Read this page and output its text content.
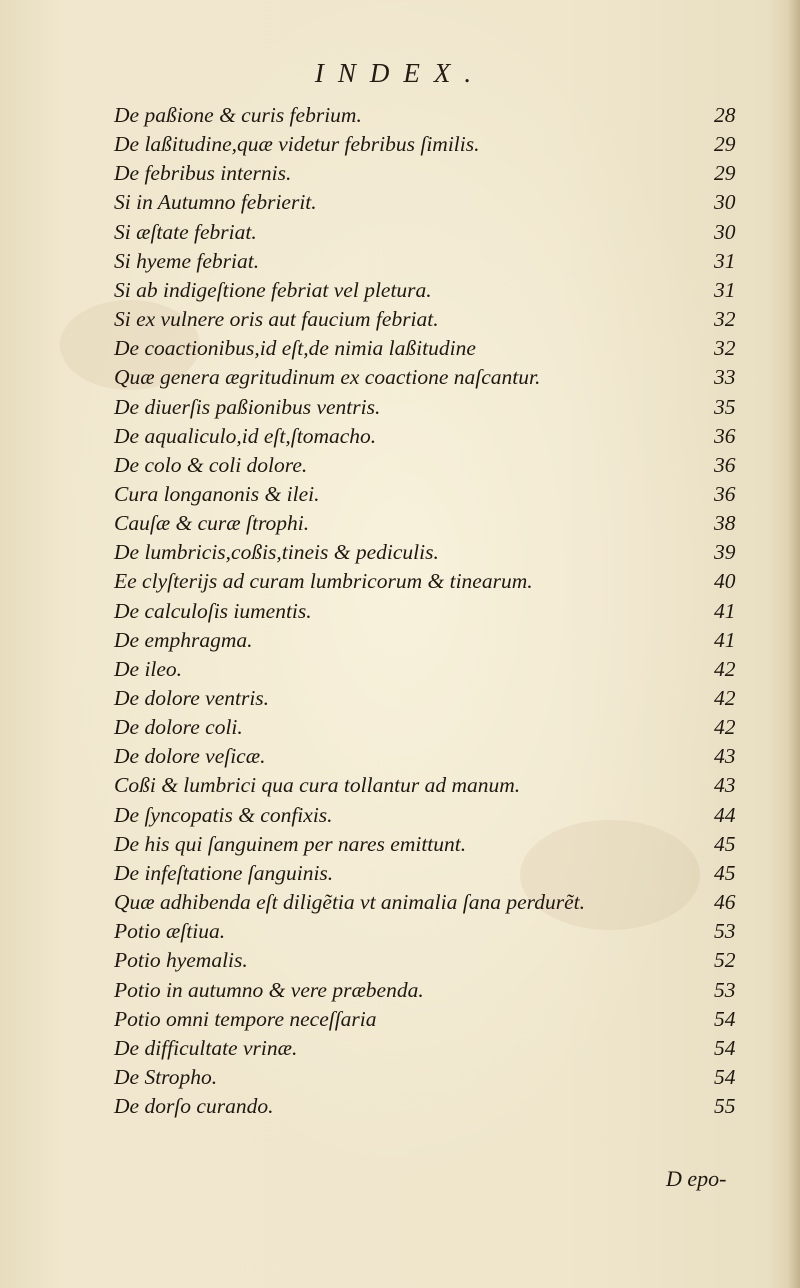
INDEX.
De paßione & curis febrium.	28
De laßitudine,quæ videtur febribus ſimilis.	29
De febribus internis.	29
Si in Autumno febrierit.	30
Si æſtate febriat.	30
Si hyeme febriat.	31
Si ab indigeſtione febriat vel pletura.	31
Si ex vulnere oris aut faucium febriat.	32
De coactionibus,id eſt,de nimia laßitudine	32
Quæ genera ægritudinum ex coactione naſcantur.	33
De diuerſis paßionibus ventris.	35
De aqualiculo,id eſt,ſtomacho.	36
De colo & coli dolore.	36
Cura longanonis & ilei.	36
Cauſæ & curæ ſtrophi.	38
De lumbricis,coßis,tineis & pediculis.	39
Ee clyſterijs ad curam lumbricorum & tinearum.	40
De calculoſis iumentis.	41
De emphragma.	41
De ileo.	42
De dolore ventris.	42
De dolore coli.	42
De dolore veſicæ.	43
Coßi & lumbrici qua cura tollantur ad manum.	43
De ſyncopatis & confixis.	44
De his qui ſanguinem per nares emittunt.	45
De infeſtatione ſanguinis.	45
Quæ adhibenda eſt diligẽtia vt animalia ſana perdurẽt.	46
Potio æſtiua.	53
Potio hyemalis.	52
Potio in autumno & vere præbenda.	53
Potio omni tempore neceſſaria	54
De difficultate vrinæ.	54
De Stropho.	54
De dorſo curando.	55
D epo-
